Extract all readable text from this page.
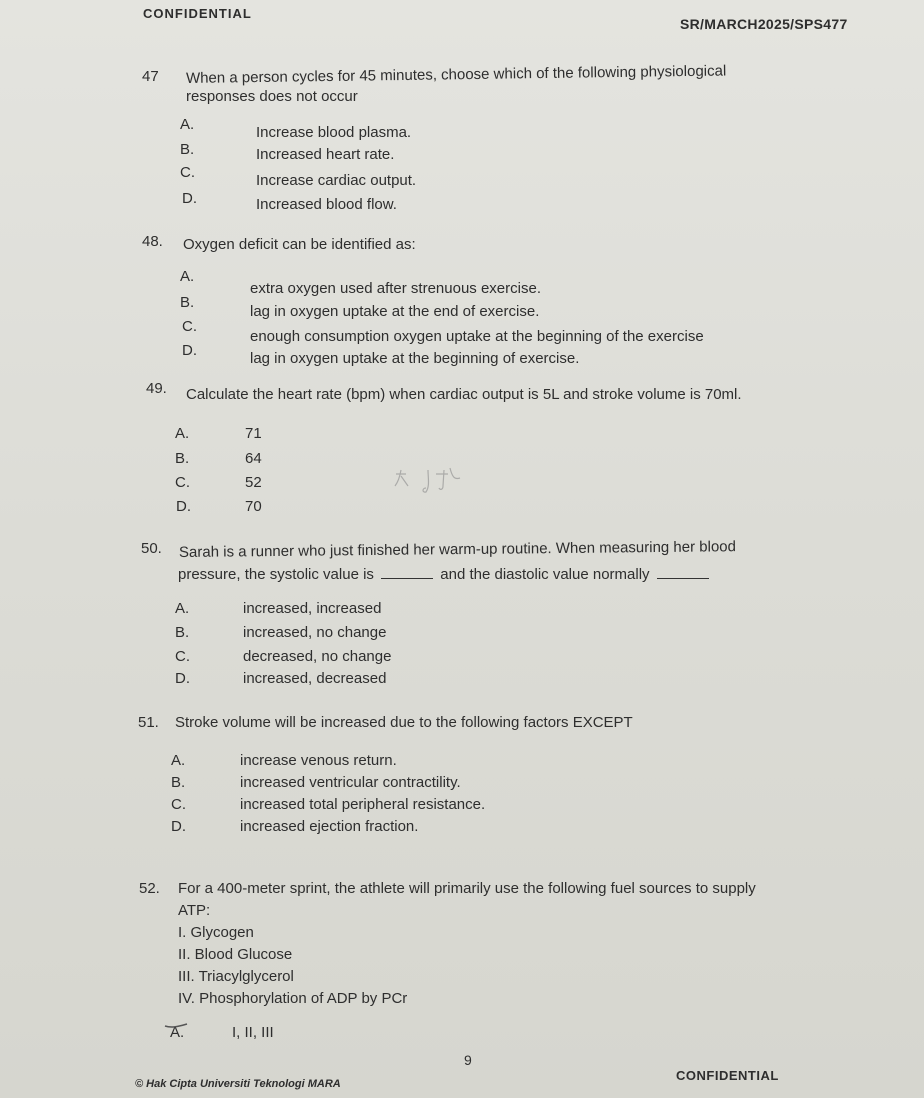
CONFIDENTIAL
SR/MARCH2025/SPS477
47 When a person cycles for 45 minutes, choose which of the following physiological
responses does not occur
A.	Increase blood plasma.
B.	Increased heart rate.
C.	Increase cardiac output.
D.	Increased blood flow.
48. Oxygen deficit can be identified as:
A.
extra oxygen used after strenuous exercise.
B.
lag in oxygen uptake at the end of exercise.
C.
enough consumption oxygen uptake at the beginning of the exercise
D.	lag in oxygen uptake at the beginning of exercise.
49. Calculate the heart rate (bpm) when cardiac output is 5L and stroke volume is 70ml.
A.	71
B.	64
C.	52
D.	70
50. Sarah is a runner who just finished her warm-up routine. When measuring her blood
pressure, the systolic value is	and the diastolic value normally
A.	increased, increased
B.	increased, no change
C.	decreased, no change
D.	increased, decreased
51. Stroke volume will be increased due to the following factors EXCEPT
A.	increase venous return.
B.	increased ventricular contractility.
C.	increased total peripheral resistance.
D.	increased ejection fraction.
52. For a 400-meter sprint, the athlete will primarily use the following fuel sources to supply
ATP:
I. Glycogen
II. Blood Glucose
III. Triacylglycerol
IV. Phosphorylation of ADP by PCr
A.	I, II, III
9
© Hak Cipta Universiti Teknologi MARA
CONFIDENTIAL
